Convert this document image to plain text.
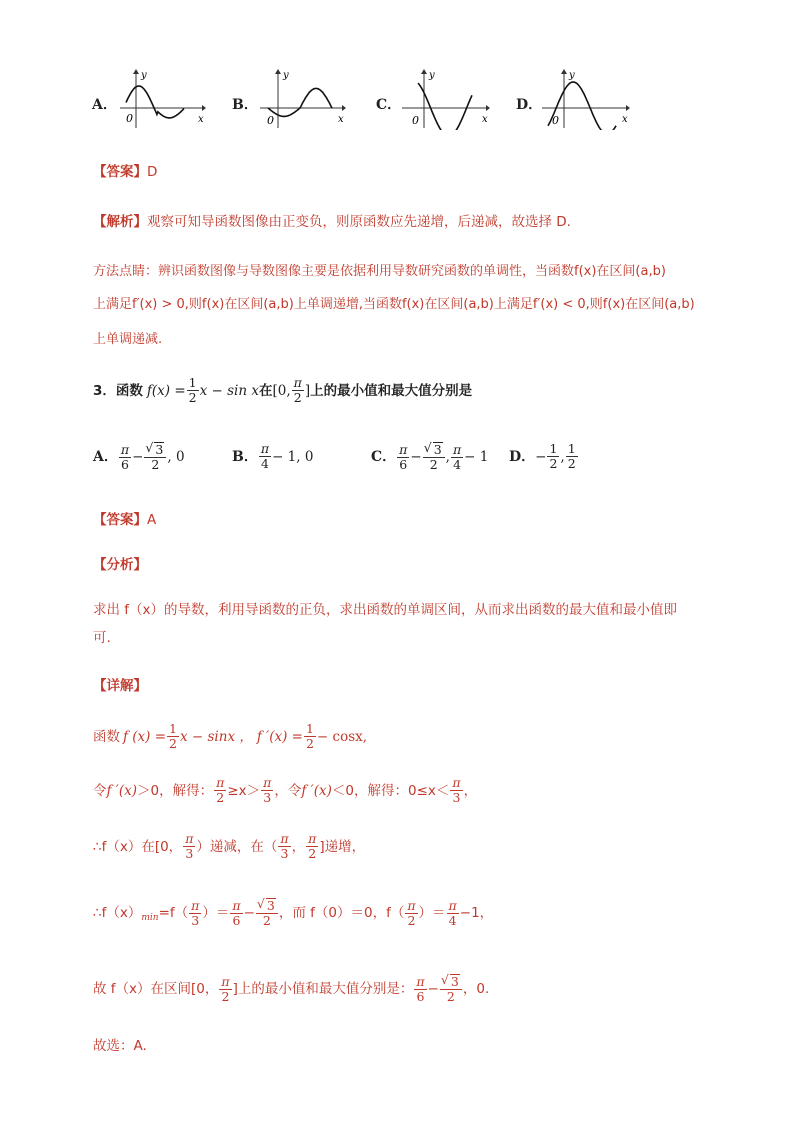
A．
y
x
0
B．
y
x
0
C．
y
x
0
D．
y
x
0
【答案】D
【解析】观察可知导函数图像由正变负，则原函数应先递增，后递减，故选择 D.
方法点睛：辨识函数图像与导数图像主要是依据利用导数研究函数的单调性，当函数f(x)在区间(a,b)
上满足f′(x) > 0,则f(x)在区间(a,b)上单调递增,当函数f(x)在区间(a,b)上满足f′(x) < 0,则f(x)在区间(a,b)
上单调递减.
3． 函数 $f(x) = \frac{1}{2}$ x − sin x 在 [0, $\frac{\pi}{2}$ ] 上的最小值和最大值分别是
A． $\frac{\pi}{6}$ − √ $\frac{3}{2}$ , 0	B． $\frac{\pi}{4} - 1$, 0	C． $\frac{\pi}{6}$ − √ $\frac{3}{2}$ , $\frac{\pi}{4} - 1$ D． − $\frac{1}{2}$ , $\frac{1}{2}$
【答案】A
【分析】
求出 f（x）的导数，利用导函数的正负，求出函数的单调区间，从而求出函数的最大值和最小值即
可.
【详解】
函数 f $(x) = \frac{1}{2}$ x − sinx ， f $'(x) = \frac{1}{2} - \cos x$,
令 f ′(x) ＞0，解得： $\frac{\pi}{2} \ge x> \frac{\pi}{3}$ ，令 f ′(x) ＜0，解得：$0\le x< \frac{\pi}{3}$ ，
∴f（x）在[0， $\frac{\pi}{3}$ ）递减，在（ $\frac{\pi}{3}$ ， $\frac{\pi}{2}$ ]递增，
∴f（x） $\min =f( \frac{\pi}{3}$ ）＝ $\frac{\pi}{6}$ − √ $\frac{3}{2}$ ，而 f（0）＝0，$f( \frac{\pi}{2}$ ）＝ $\frac{\pi}{4} -1$，
故 f（x）在区间[0， $\frac{\pi}{2}$ ]上的最小值和最大值分别是： $\frac{\pi}{6}$ − √ $\frac{3}{2}$ ，0.
故选：A.
